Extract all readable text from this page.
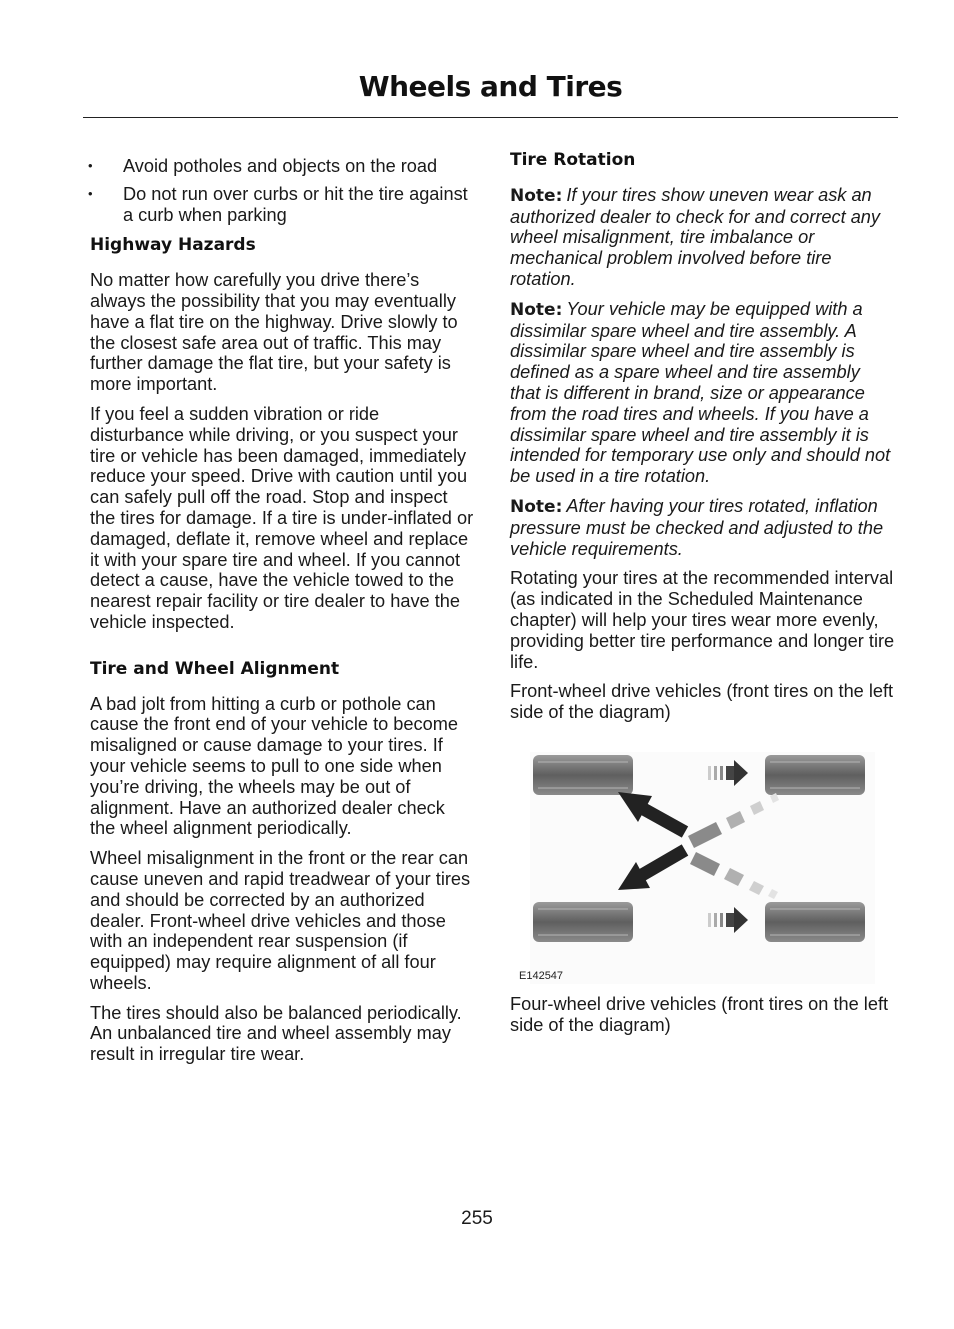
Wheels and Tires
• Avoid potholes and objects on the road
• Do not run over curbs or hit the tire against a curb when parking
Highway Hazards

No matter how carefully you drive there’s always the possibility that you may eventually have a flat tire on the highway. Drive slowly to the closest safe area out of traffic. This may further damage the flat tire, but your safety is more important.

If you feel a sudden vibration or ride disturbance while driving, or you suspect your tire or vehicle has been damaged, immediately reduce your speed. Drive with caution until you can safely pull off the road. Stop and inspect the tires for damage. If a tire is under-inflated or damaged, deflate it, remove wheel and replace it with your spare tire and wheel. If you cannot detect a cause, have the vehicle towed to the nearest repair facility or tire dealer to have the vehicle inspected.

Tire and Wheel Alignment

A bad jolt from hitting a curb or pothole can cause the front end of your vehicle to become misaligned or cause damage to your tires. If your vehicle seems to pull to one side when you’re driving, the wheels may be out of alignment. Have an authorized dealer check the wheel alignment periodically.

Wheel misalignment in the front or the rear can cause uneven and rapid treadwear of your tires and should be corrected by an authorized dealer. Front-wheel drive vehicles and those with an independent rear suspension (if equipped) may require alignment of all four wheels.

The tires should also be balanced periodically. An unbalanced tire and wheel assembly may result in irregular tire wear.

Tire Rotation

Note: If your tires show uneven wear ask an authorized dealer to check for and correct any wheel misalignment, tire imbalance or mechanical problem involved before tire rotation.

Note: Your vehicle may be equipped with a dissimilar spare wheel and tire assembly. A dissimilar spare wheel and tire assembly is defined as a spare wheel and tire assembly that is different in brand, size or appearance from the road tires and wheels. If you have a dissimilar spare wheel and tire assembly it is intended for temporary use only and should not be used in a tire rotation.

Note: After having your tires rotated, inflation pressure must be checked and adjusted to the vehicle requirements.

Rotating your tires at the recommended interval (as indicated in the Scheduled Maintenance chapter) will help your tires wear more evenly, providing better tire performance and longer tire life.

Front-wheel drive vehicles (front tires on the left side of the diagram)

E142547

Four-wheel drive vehicles (front tires on the left side of the diagram)

255
